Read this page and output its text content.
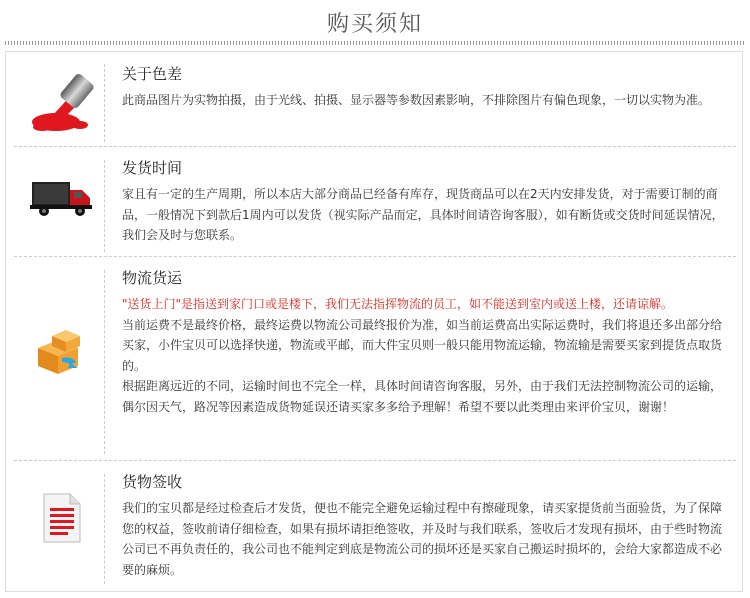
购买须知
关于色差

此商品图片为实物拍摄，由于光线、拍摄、显示器等参数因素影响，不排除图片有偏色现象，一切以实物为准。

发货时间

家且有一定的生产周期，所以本店大部分商品已经备有库存，现货商品可以在2天内安排发货，对于需要订制的商品，一般情况下到款后1周内可以发货（视实际产品而定，具体时间请咨询客服），如有断货或交货时间延误情况，我们会及时与您联系。

物流货运

"送货上门"是指送到家门口或是楼下，我们无法指挥物流的员工，如不能送到室内或送上楼，还请谅解。

当前运费不是最终价格，最终运费以物流公司最终报价为准，如当前运费高出实际运费时，我们将退还多出部分给买家，小件宝贝可以选择快递，物流或平邮，而大件宝贝则一般只能用物流运输，物流输是需要买家到提货点取货的。

根据距离远近的不同，运输时间也不完全一样，具体时间请咨询客服，另外，由于我们无法控制物流公司的运输，偶尔因天气，路况等因素造成货物延误还请买家多多给予理解！希望不要以此类理由来评价宝贝，谢谢！

货物签收

我们的宝贝都是经过检查后才发货，便也不能完全避免运输过程中有擦碰现象，请买家提货前当面验货，为了保障您的权益，签收前请仔细检查，如果有损坏请拒绝签收，并及时与我们联系，签收后才发现有损坏，由于些时物流公司已不再负责任的，我公司也不能判定到底是物流公司的损坏还是买家自己搬运时损坏的，会给大家都造成不必要的麻烦。
